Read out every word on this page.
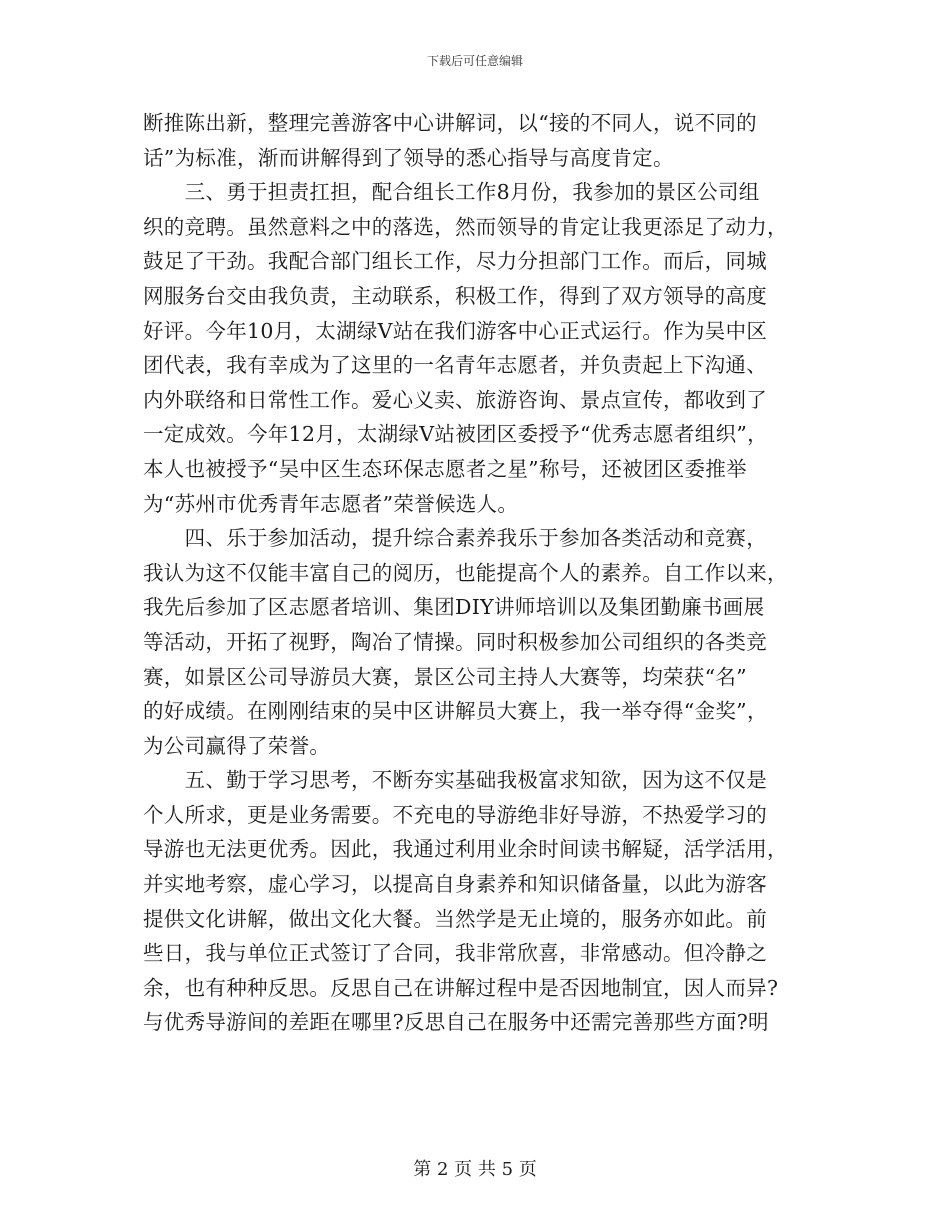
下载后可任意编辑
断推陈出新，整理完善游客中心讲解词，以“接的不同人，说不同的
话”为标准，渐而讲解得到了领导的悉心指导与高度肯定。
　　三、勇于担责扛担，配合组长工作8月份，我参加的景区公司组
织的竞聘。虽然意料之中的落选，然而领导的肯定让我更添足了动力，
鼓足了干劲。我配合部门组长工作，尽力分担部门工作。而后，同城
网服务台交由我负责，主动联系，积极工作，得到了双方领导的高度
好评。今年10月，太湖绿V站在我们游客中心正式运行。作为吴中区
团代表，我有幸成为了这里的一名青年志愿者，并负责起上下沟通、
内外联络和日常性工作。爱心义卖、旅游咨询、景点宣传，都收到了
一定成效。今年12月，太湖绿V站被团区委授予“优秀志愿者组织”，
本人也被授予“吴中区生态环保志愿者之星”称号，还被团区委推举
为“苏州市优秀青年志愿者”荣誉候选人。
　　四、乐于参加活动，提升综合素养我乐于参加各类活动和竞赛，
我认为这不仅能丰富自己的阅历，也能提高个人的素养。自工作以来，
我先后参加了区志愿者培训、集团DIY讲师培训以及集团勤廉书画展
等活动，开拓了视野，陶冶了情操。同时积极参加公司组织的各类竞
赛，如景区公司导游员大赛，景区公司主持人大赛等，均荣获“名”
的好成绩。在刚刚结束的吴中区讲解员大赛上，我一举夺得“金奖”，
为公司赢得了荣誉。
　　五、勤于学习思考，不断夯实基础我极富求知欲，因为这不仅是
个人所求，更是业务需要。不充电的导游绝非好导游，不热爱学习的
导游也无法更优秀。因此，我通过利用业余时间读书解疑，活学活用，
并实地考察，虚心学习，以提高自身素养和知识储备量，以此为游客
提供文化讲解，做出文化大餐。当然学是无止境的，服务亦如此。前
些日，我与单位正式签订了合同，我非常欣喜，非常感动。但冷静之
余，也有种种反思。反思自己在讲解过程中是否因地制宜，因人而异?
与优秀导游间的差距在哪里?反思自己在服务中还需完善那些方面?明
第 2 页 共 5 页
